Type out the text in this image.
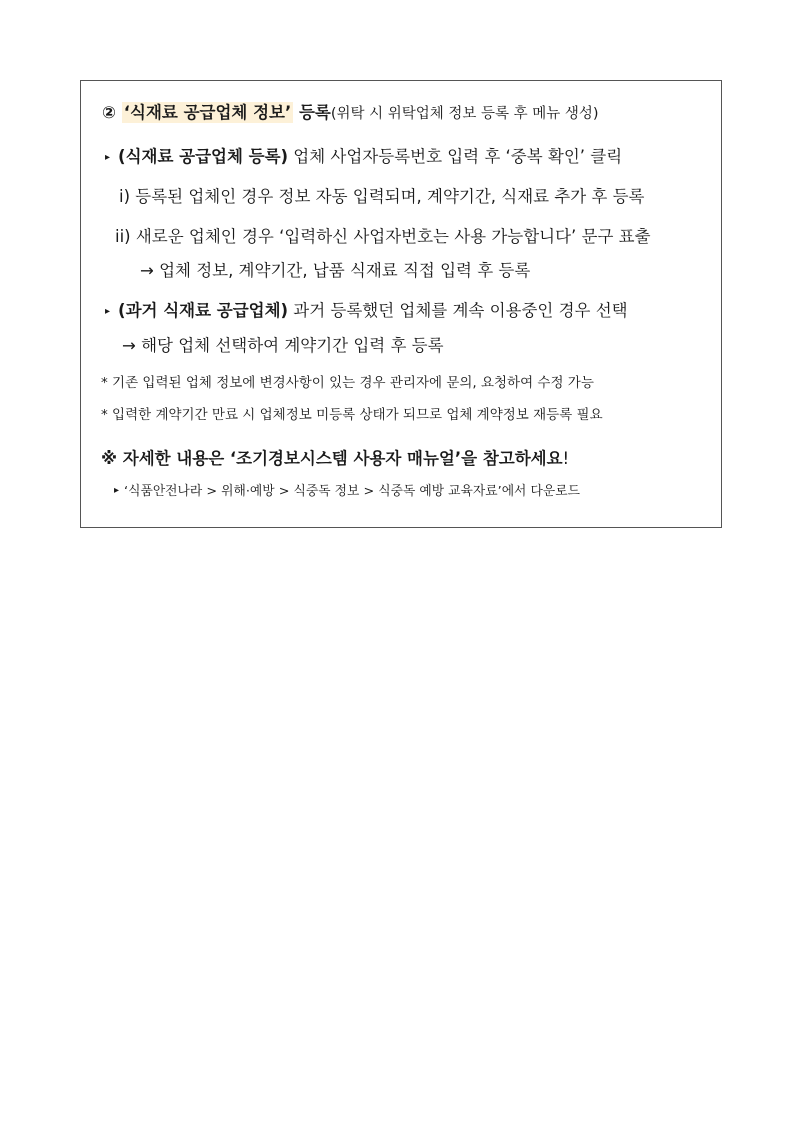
② ‘식재료 공급업체 정보’ 등록(위탁 시 위탁업체 정보 등록 후 메뉴 생성)
▸ (식재료 공급업체 등록) 업체 사업자등록번호 입력 후 ‘중복 확인’ 클릭
i) 등록된 업체인 경우 정보 자동 입력되며, 계약기간, 식재료 추가 후 등록
ii) 새로운 업체인 경우 ‘입력하신 사업자번호는 사용 가능합니다’ 문구 표출
→ 업체 정보, 계약기간, 납품 식재료 직접 입력 후 등록
▸ (과거 식재료 공급업체) 과거 등록했던 업체를 계속 이용중인 경우 선택
→ 해당 업체 선택하여 계약기간 입력 후 등록
* 기존 입력된 업체 정보에 변경사항이 있는 경우 관리자에 문의, 요청하여 수정 가능
* 입력한 계약기간 만료 시 업체정보 미등록 상태가 되므로 업체 계약정보 재등록 필요
※ 자세한 내용은 ‘조기경보시스템 사용자 매뉴얼’을 참고하세요!
▸ ‘식품안전나라 > 위해·예방 > 식중독 정보 > 식중독 예방 교육자료’에서 다운로드
